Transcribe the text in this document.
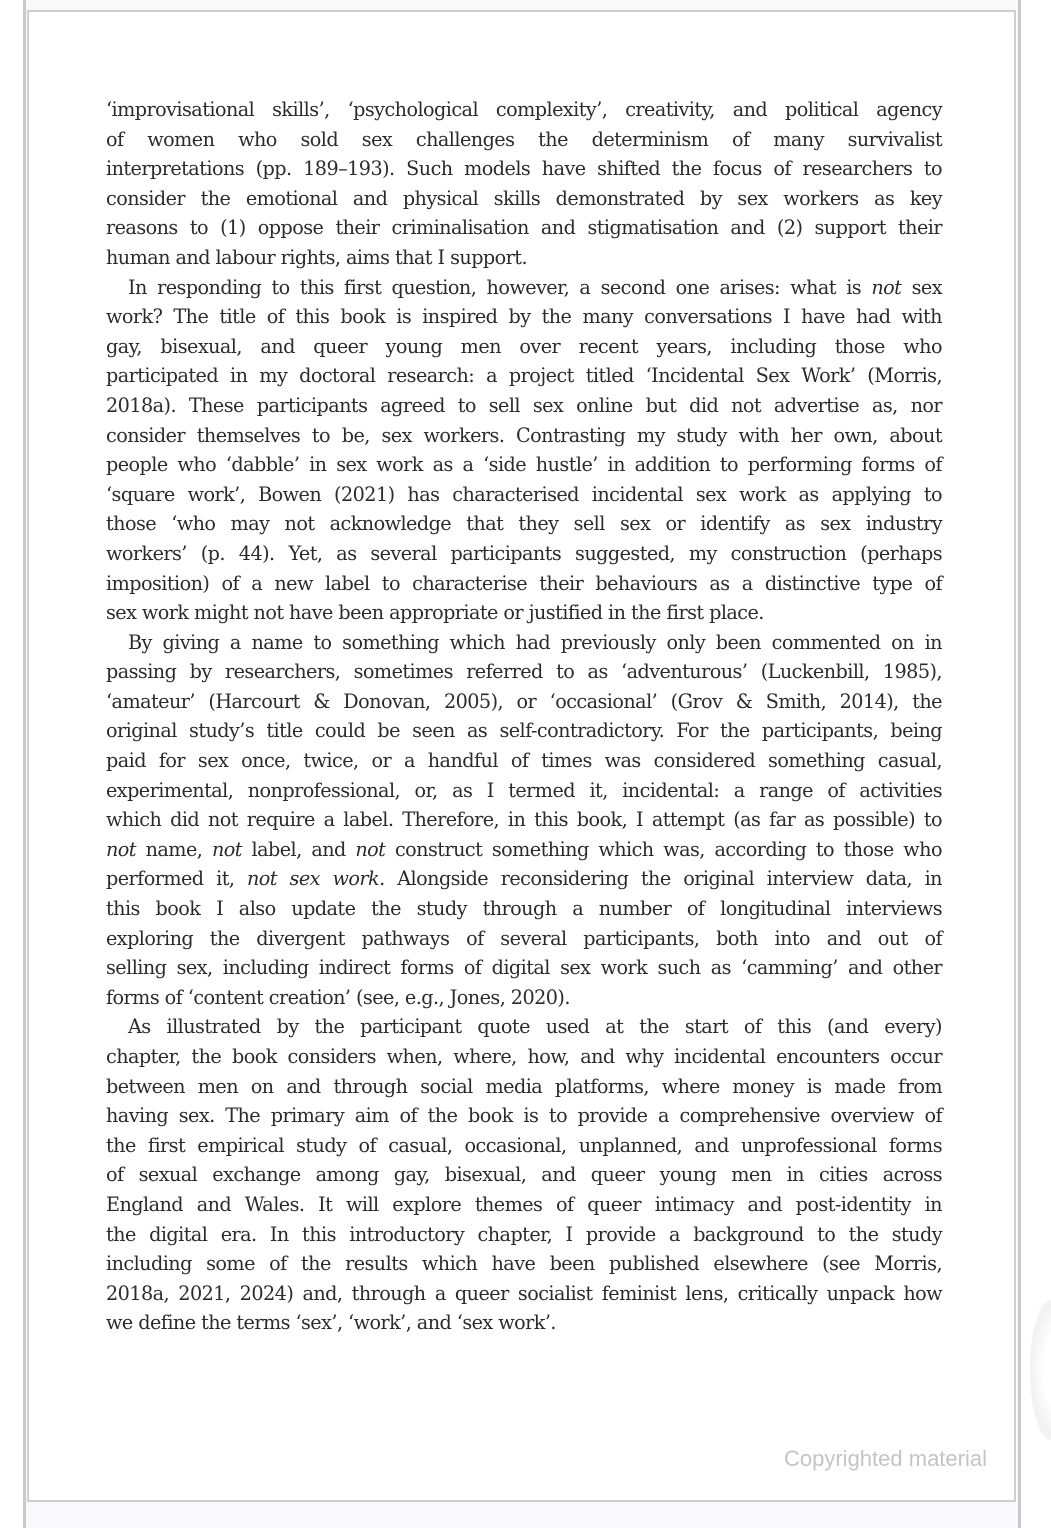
‘improvisational skills’, ‘psychological complexity’, creativity, and political agency
of women who sold sex challenges the determinism of many survivalist
interpretations (pp. 189–193). Such models have shifted the focus of researchers to
consider the emotional and physical skills demonstrated by sex workers as key
reasons to (1) oppose their criminalisation and stigmatisation and (2) support their
human and labour rights, aims that I support.
In responding to this first question, however, a second one arises: what is not sex
work? The title of this book is inspired by the many conversations I have had with
gay, bisexual, and queer young men over recent years, including those who
participated in my doctoral research: a project titled ‘Incidental Sex Work’ (Morris,
2018a). These participants agreed to sell sex online but did not advertise as, nor
consider themselves to be, sex workers. Contrasting my study with her own, about
people who ‘dabble’ in sex work as a ‘side hustle’ in addition to performing forms of
‘square work’, Bowen (2021) has characterised incidental sex work as applying to
those ‘who may not acknowledge that they sell sex or identify as sex industry
workers’ (p. 44). Yet, as several participants suggested, my construction (perhaps
imposition) of a new label to characterise their behaviours as a distinctive type of
sex work might not have been appropriate or justified in the first place.
By giving a name to something which had previously only been commented on in
passing by researchers, sometimes referred to as ‘adventurous’ (Luckenbill, 1985),
‘amateur’ (Harcourt & Donovan, 2005), or ‘occasional’ (Grov & Smith, 2014), the
original study’s title could be seen as self-contradictory. For the participants, being
paid for sex once, twice, or a handful of times was considered something casual,
experimental, nonprofessional, or, as I termed it, incidental: a range of activities
which did not require a label. Therefore, in this book, I attempt (as far as possible) to
not name, not label, and not construct something which was, according to those who
performed it, not sex work. Alongside reconsidering the original interview data, in
this book I also update the study through a number of longitudinal interviews
exploring the divergent pathways of several participants, both into and out of
selling sex, including indirect forms of digital sex work such as ‘camming’ and other
forms of ‘content creation’ (see, e.g., Jones, 2020).
As illustrated by the participant quote used at the start of this (and every)
chapter, the book considers when, where, how, and why incidental encounters occur
between men on and through social media platforms, where money is made from
having sex. The primary aim of the book is to provide a comprehensive overview of
the first empirical study of casual, occasional, unplanned, and unprofessional forms
of sexual exchange among gay, bisexual, and queer young men in cities across
England and Wales. It will explore themes of queer intimacy and post-identity in
the digital era. In this introductory chapter, I provide a background to the study
including some of the results which have been published elsewhere (see Morris,
2018a, 2021, 2024) and, through a queer socialist feminist lens, critically unpack how
we define the terms ‘sex’, ‘work’, and ‘sex work’.
Copyrighted material
